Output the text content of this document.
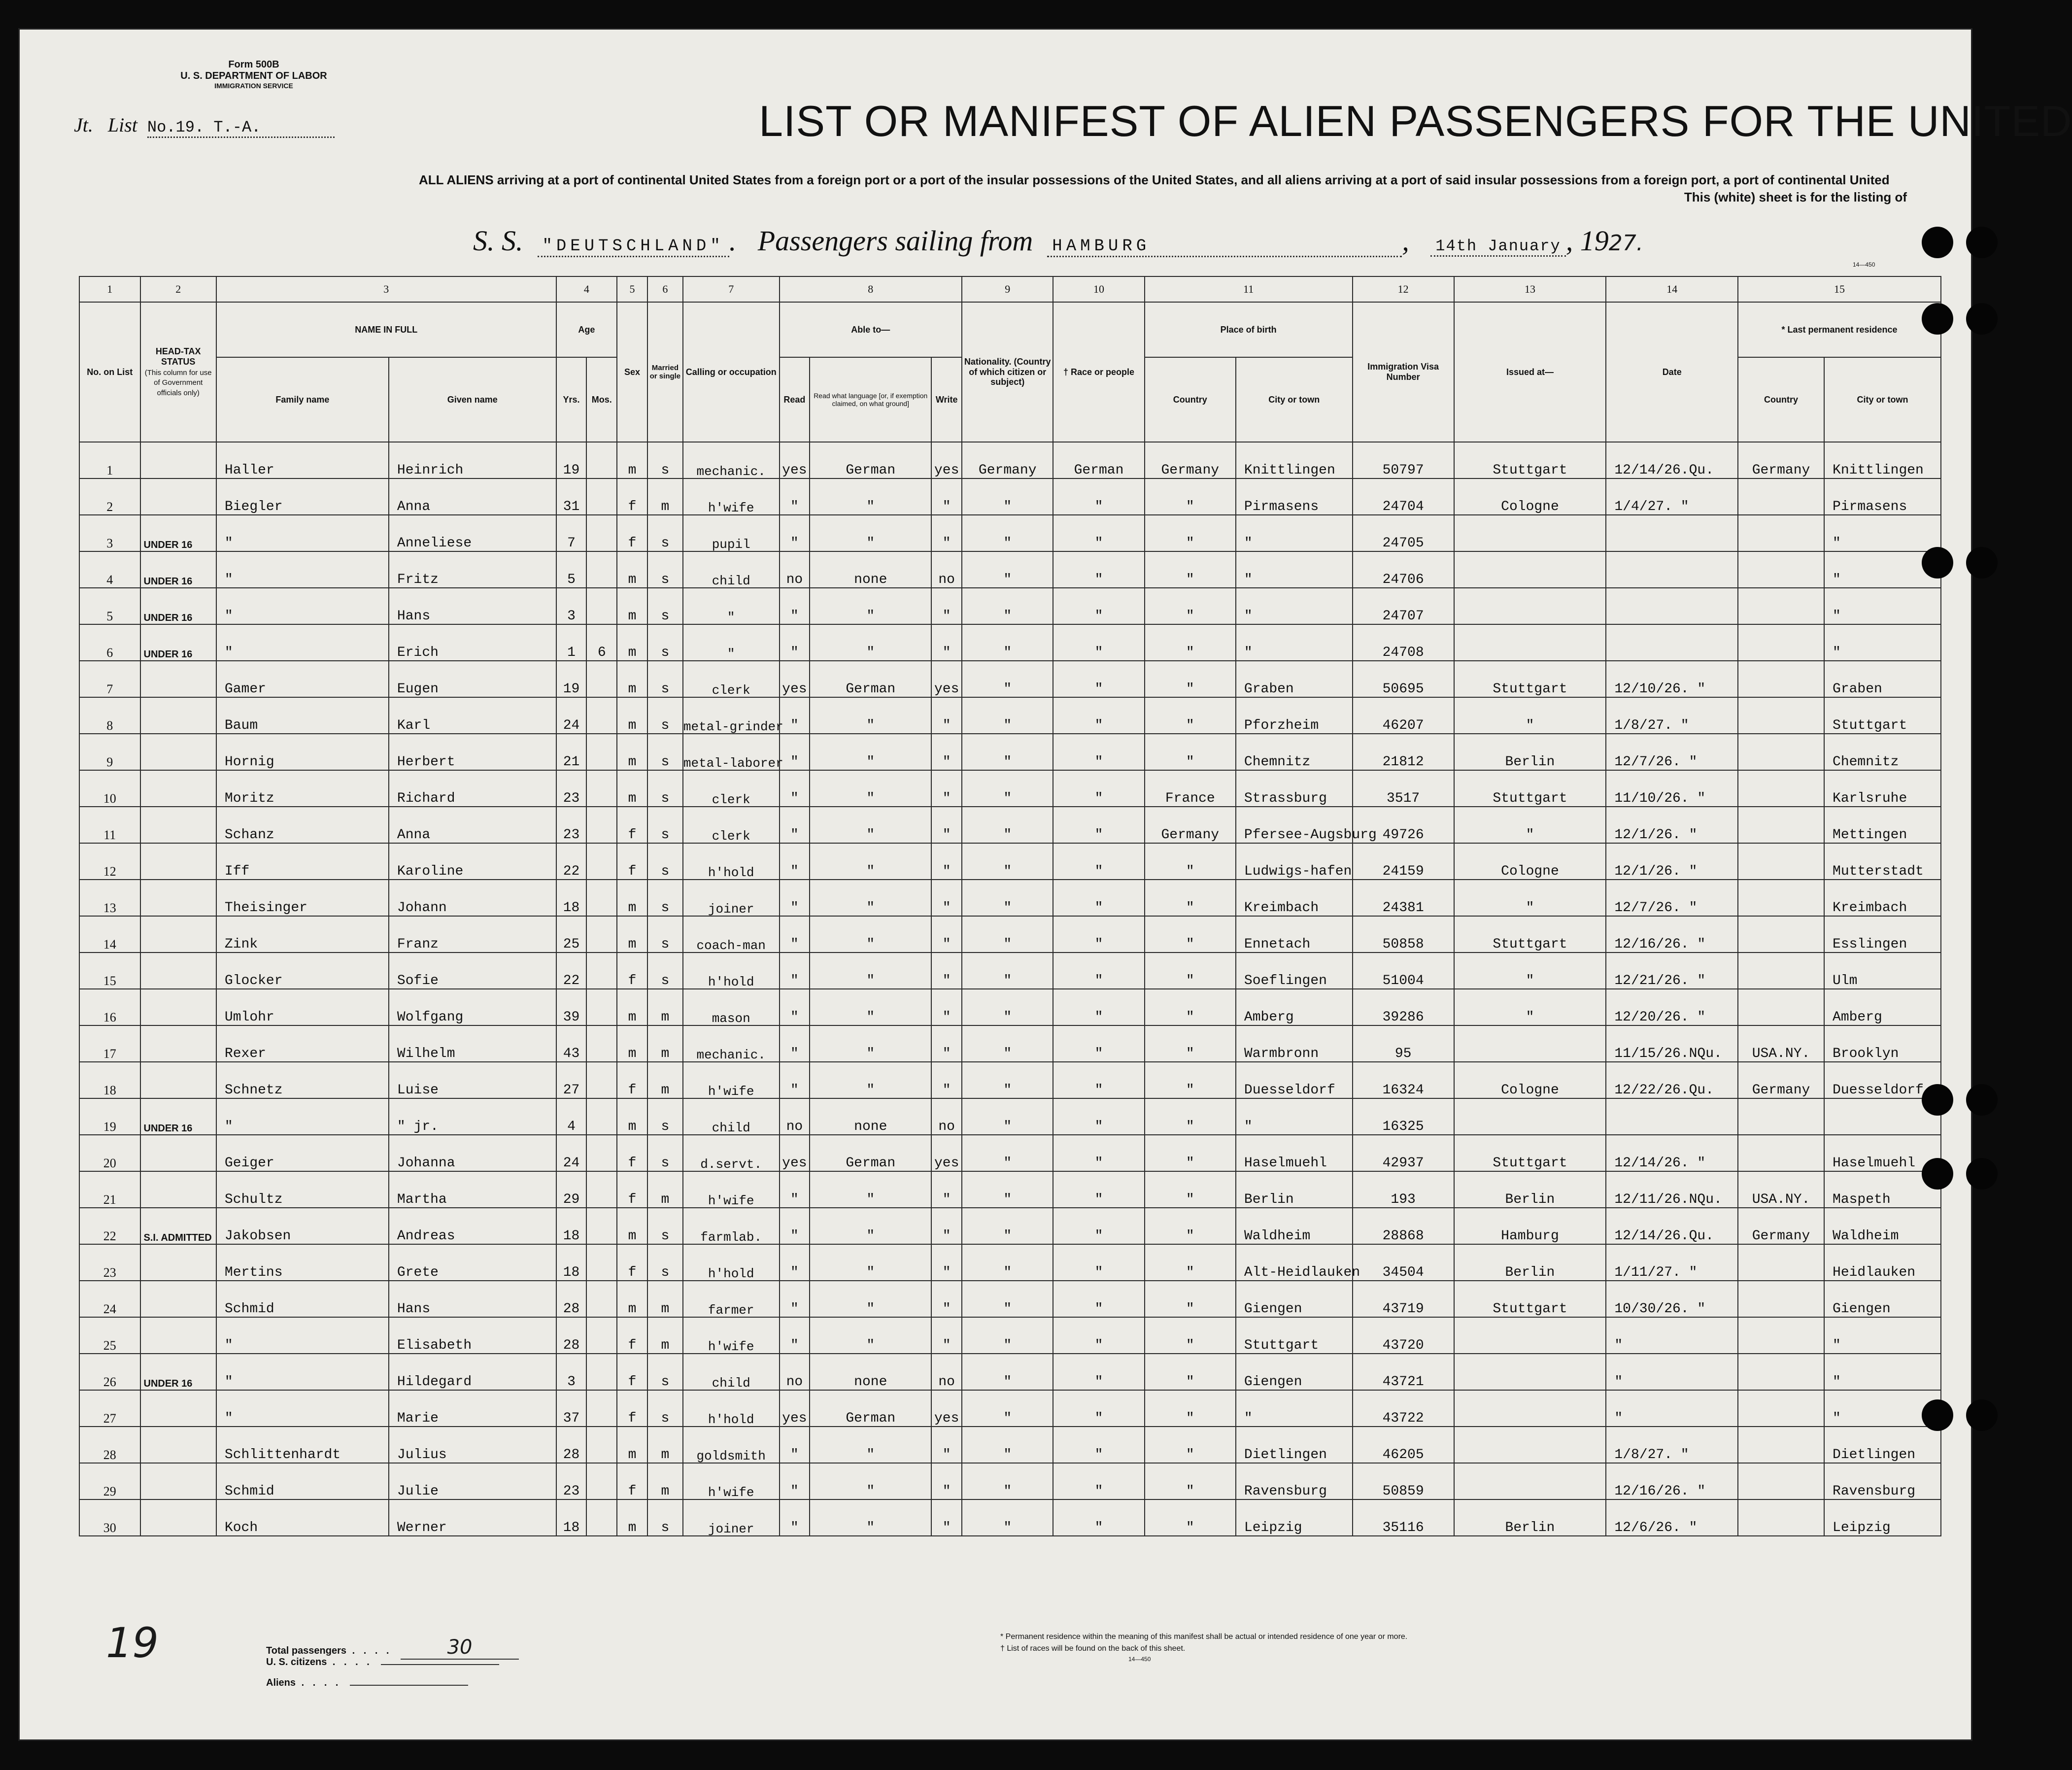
Form 500B
U. S. DEPARTMENT OF LABOR
IMMIGRATION SERVICE
Jt. List No.19. T.-A.	LIST OR MANIFEST OF ALIEN PASSENGERS FOR THE UNITED
ALL ALIENS arriving at a port of continental United States from a foreign port or a port of the insular possessions of the United States, and all aliens arriving at a port of said insular possessions from a foreign port, a port of continental United
This (white) sheet is for the listing of
S. S. "DEUTSCHLAND" .   Passengers sailing from HAMBURG	,   14th January , 1927.
14—450
1	2	3		4		5	6	7	8			9	10	11		12	13	14	15	
No. on List	HEAD-TAX STATUS
(This column for use of Government officials only)	NAME IN FULL		Age		Sex	Married or single	Calling or occupation	Able to—			Nationality. (Country of which citizen or subject)	† Race or people	Place of birth		Immigration Visa Number	Issued at—	Date	* Last permanent residence	
		Family name	Given name	Yrs.	Mos.				Read	Read what language [or, if exemption claimed, on what ground]	Write			Country	City or town				Country	City or town
1		Haller	Heinrich	19		m	s	mechanic.	yes	German	yes	Germany	German	Germany	Knittlingen	50797	Stuttgart	12/14/26.Qu.	Germany	Knittlingen
2		Biegler	Anna	31		f	m	h'wife	"	"	"	"	"	"	Pirmasens	24704	Cologne	1/4/27. "		Pirmasens
3	UNDER 16	"	Anneliese	7		f	s	pupil	"	"	"	"	"	"	"	24705				"
4	UNDER 16	"	Fritz	5		m	s	child	no	none	no	"	"	"	"	24706				"
5	UNDER 16	"	Hans	3		m	s	"	"	"	"	"	"	"	"	24707				"
6	UNDER 16	"	Erich	1	6	m	s	"	"	"	"	"	"	"	"	24708				"
7		Gamer	Eugen	19		m	s	clerk	yes	German	yes	"	"	"	Graben	50695	Stuttgart	12/10/26. "		Graben
8		Baum	Karl	24		m	s	metal-grinder	"	"	"	"	"	"	Pforzheim	46207	"	1/8/27. "		Stuttgart
9		Hornig	Herbert	21		m	s	metal-laborer	"	"	"	"	"	"	Chemnitz	21812	Berlin	12/7/26. "		Chemnitz
10		Moritz	Richard	23		m	s	clerk	"	"	"	"	"	France	Strassburg	3517	Stuttgart	11/10/26. "		Karlsruhe
11		Schanz	Anna	23		f	s	clerk	"	"	"	"	"	Germany	Pfersee-Augsburg	49726	"	12/1/26. "		Mettingen
12		Iff	Karoline	22		f	s	h'hold	"	"	"	"	"	"	Ludwigs-hafen	24159	Cologne	12/1/26. "		Mutterstadt
13		Theisinger	Johann	18		m	s	joiner	"	"	"	"	"	"	Kreimbach	24381	"	12/7/26. "		Kreimbach
14		Zink	Franz	25		m	s	coach-man	"	"	"	"	"	"	Ennetach	50858	Stuttgart	12/16/26. "		Esslingen
15		Glocker	Sofie	22		f	s	h'hold	"	"	"	"	"	"	Soeflingen	51004	"	12/21/26. "		Ulm
16		Umlohr	Wolfgang	39		m	m	mason	"	"	"	"	"	"	Amberg	39286	"	12/20/26. "		Amberg
17		Rexer	Wilhelm	43		m	m	mechanic.	"	"	"	"	"	"	Warmbronn	95		11/15/26.NQu.	USA.NY.	Brooklyn
18		Schnetz	Luise	27		f	m	h'wife	"	"	"	"	"	"	Duesseldorf	16324	Cologne	12/22/26.Qu.	Germany	Duesseldorf
19	UNDER 16	"	" jr.	4		m	s	child	no	none	no	"	"	"	"	16325				
20		Geiger	Johanna	24		f	s	d.servt.	yes	German	yes	"	"	"	Haselmuehl	42937	Stuttgart	12/14/26. "		Haselmuehl
21		Schultz	Martha	29		f	m	h'wife	"	"	"	"	"	"	Berlin	193	Berlin	12/11/26.NQu.	USA.NY.	Maspeth
22	S.I. ADMITTED	Jakobsen	Andreas	18		m	s	farmlab.	"	"	"	"	"	"	Waldheim	28868	Hamburg	12/14/26.Qu.	Germany	Waldheim
23		Mertins	Grete	18		f	s	h'hold	"	"	"	"	"	"	Alt-Heidlauken	34504	Berlin	1/11/27. "		Heidlauken
24		Schmid	Hans	28		m	m	farmer	"	"	"	"	"	"	Giengen	43719	Stuttgart	10/30/26. "		Giengen
25		"	Elisabeth	28		f	m	h'wife	"	"	"	"	"	"	Stuttgart	43720		"		"
26	UNDER 16	"	Hildegard	3		f	s	child	no	none	no	"	"	"	Giengen	43721		"		"
27		"	Marie	37		f	s	h'hold	yes	German	yes	"	"	"	"	43722		"		"
28		Schlittenhardt	Julius	28		m	m	goldsmith	"	"	"	"	"	"	Dietlingen	46205		1/8/27. "		Dietlingen
29		Schmid	Julie	23		f	m	h'wife	"	"	"	"	"	"	Ravensburg	50859		12/16/26. "		Ravensburg
30		Koch	Werner	18		m	s	joiner	"	"	"	"	"	"	Leipzig	35116	Berlin	12/6/26. "		Leipzig

19	Total passengers . . . .	30
U. S. citizens . . . .
Aliens . . . .
* Permanent residence within the meaning of this manifest shall be actual or intended residence of one year or more.
† List of races will be found on the back of this sheet.
14—450
